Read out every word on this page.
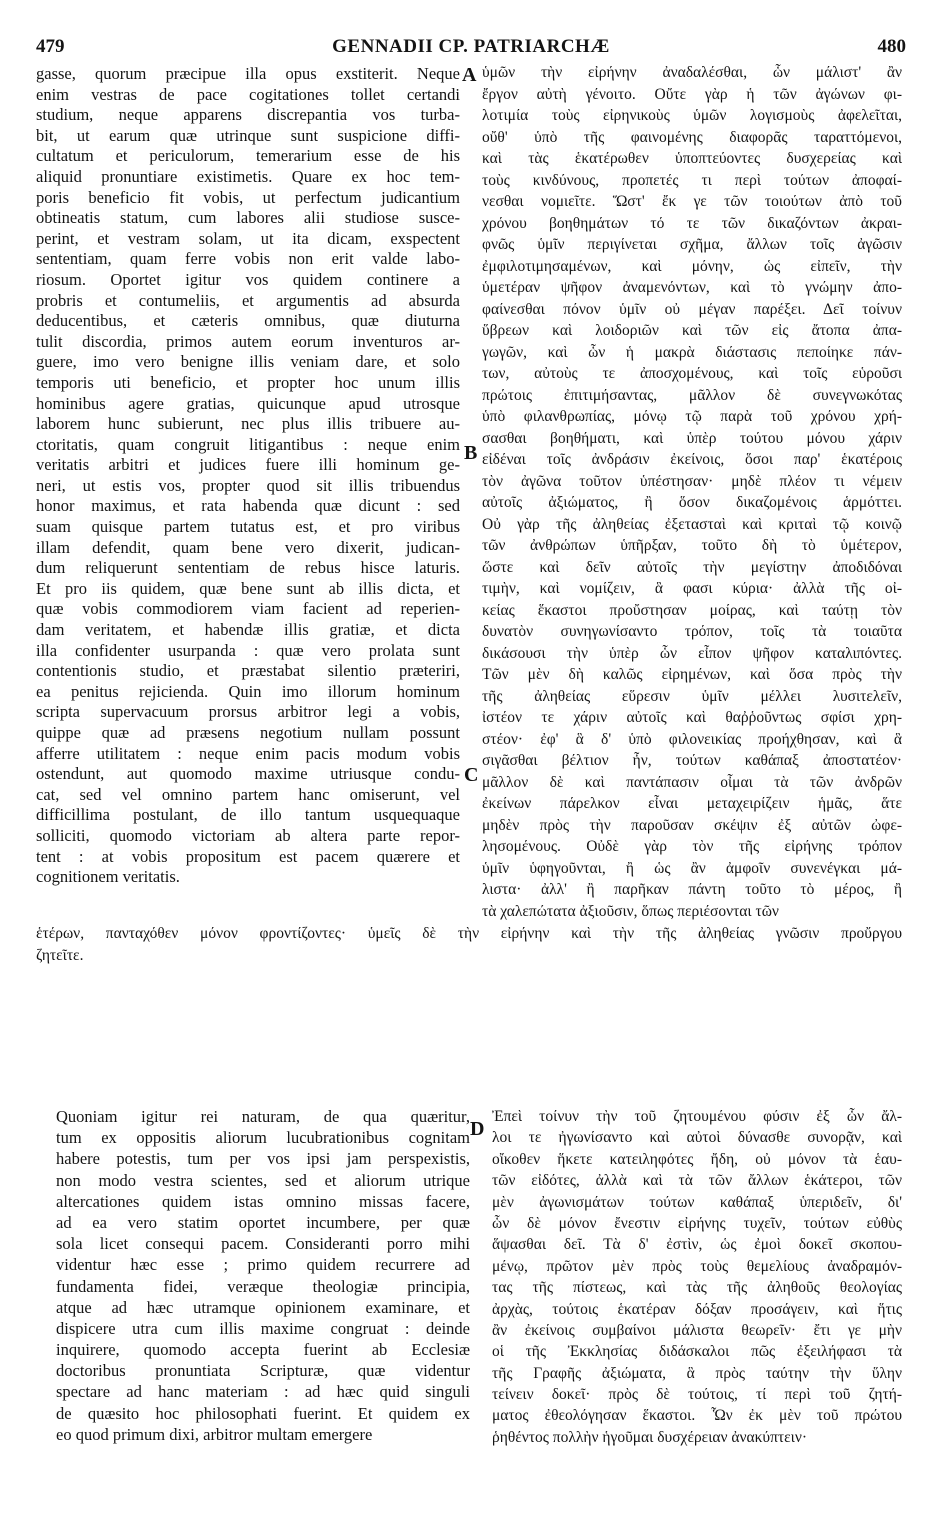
479	GENNADII CP. PATRIARCHÆ	480
A
B
C
D
gasse, quorum præcipue illa opus exstiterit. Neque
enim vestras de pace cogitationes tollet certandi
studium, neque apparens discrepantia vos turba-
bit, ut earum quæ utrinque sunt suspicione diffi-
cultatum et periculorum, temerarium esse de his
aliquid pronuntiare existimetis. Quare ex hoc tem-
poris beneficio fit vobis, ut perfectum judicantium
obtineatis statum, cum labores alii studiose susce-
perint, et vestram solam, ut ita dicam, exspectent
sententiam, quam ferre vobis non erit valde labo-
riosum. Oportet igitur vos quidem continere a
probris et contumeliis, et argumentis ad absurda
deducentibus, et cæteris omnibus, quæ diuturna
tulit discordia, primos autem eorum inventuros ar-
guere, imo vero benigne illis veniam dare, et solo
temporis uti beneficio, et propter hoc unum illis
hominibus agere gratias, quicunque apud utrosque
laborem hunc subierunt, nec plus illis tribuere au-
ctoritatis, quam congruit litigantibus : neque enim
veritatis arbitri et judices fuere illi hominum ge-
neri, ut estis vos, propter quod sit illis tribuendus
honor maximus, et rata habenda quæ dicunt : sed
suam quisque partem tutatus est, et pro viribus
illam defendit, quam bene vero dixerit, judican-
dum reliquerunt sententiam de rebus hisce laturis.
Et pro iis quidem, quæ bene sunt ab illis dicta, et
quæ vobis commodiorem viam facient ad reperien-
dam veritatem, et habendæ illis gratiæ, et dicta
illa confidenter usurpanda : quæ vero prolata sunt
contentionis studio, et præstabat silentio præteriri,
ea penitus rejicienda. Quin imo illorum hominum
scripta supervacuum prorsus arbitror legi a vobis,
quippe quæ ad præsens negotium nullam possunt
afferre utilitatem : neque enim pacis modum vobis
ostendunt, aut quomodo maxime utriusque condu-
cat, sed vel omnino partem hanc omiserunt, vel
difficillima postulant, de illo tantum usquequaque
solliciti, quomodo victoriam ab altera parte repor-
tent : at vobis propositum est pacem quærere et
cognitionem veritatis.
ὑμῶν τὴν εἰρήνην ἀναδαλέσθαι, ὧν μάλιστ' ἂν
ἔργον αὐτὴ γένοιτο. Οὔτε γὰρ ἡ τῶν ἀγώνων φι-
λοτιμία τοὺς εἰρηνικοὺς ὑμῶν λογισμοὺς ἀφελεῖται,
οὔθ' ὑπὸ τῆς φαινομένης διαφορᾶς ταραττόμενοι,
καὶ τὰς ἑκατέρωθεν ὑποπτεύοντες δυσχερείας καὶ
τοὺς κινδύνους, προπετές τι περὶ τούτων ἀποφαί-
νεσθαι νομιεῖτε. Ὥστ' ἔκ γε τῶν τοιούτων ἀπὸ τοῦ
χρόνου βοηθημάτων τό τε τῶν δικαζόντων ἀκραι-
φνῶς ὑμῖν περιγίνεται σχῆμα, ἄλλων τοῖς ἀγῶσιν
ἐμφιλοτιμησαμένων, καὶ μόνην, ὡς εἰπεῖν, τὴν
ὑμετέραν ψῆφον ἀναμενόντων, καὶ τὸ γνώμην ἀπο-
φαίνεσθαι πόνον ὑμῖν οὐ μέγαν παρέξει. Δεῖ τοίνυν
ὕβρεων καὶ λοιδοριῶν καὶ τῶν εἰς ἄτοπα ἀπα-
γωγῶν, καὶ ὧν ἡ μακρὰ διάστασις πεποίηκε πάν-
των, αὐτοὺς τε ἀποσχομένους, καὶ τοῖς εὑροῦσι
πρώτοις ἐπιτιμήσαντας, μᾶλλον δὲ συνεγνωκότας
ὑπὸ φιλανθρωπίας, μόνῳ τῷ παρὰ τοῦ χρόνου χρή-
σασθαι βοηθήματι, καὶ ὑπὲρ τούτου μόνου χάριν
εἰδέναι τοῖς ἀνδράσιν ἐκείνοις, ὅσοι παρ' ἑκατέροις
τὸν ἀγῶνα τοῦτον ὑπέστησαν· μηδὲ πλέον τι νέμειν
αὐτοῖς ἀξιώματος, ἢ ὅσον δικαζομένοις ἁρμόττει.
Οὐ γὰρ τῆς ἀληθείας ἐξετασταὶ καὶ κριταὶ τῷ κοινῷ
τῶν ἀνθρώπων ὑπῆρξαν, τοῦτο δὴ τὸ ὑμέτερον,
ὥστε καὶ δεῖν αὐτοῖς τὴν μεγίστην ἀποδιδόναι
τιμὴν, καὶ νομίζειν, ἃ φασι κύρια· ἀλλὰ τῆς οἰ-
κείας ἕκαστοι προὔστησαν μοίρας, καὶ ταύτῃ τὸν
δυνατὸν συνηγωνίσαντο τρόπον, τοῖς τὰ τοιαῦτα
δικάσουσι τὴν ὑπὲρ ὧν εἶπον ψῆφον καταλιπόντες.
Τῶν μὲν δὴ καλῶς εἰρημένων, καὶ ὅσα πρὸς τὴν
τῆς ἀληθείας εὕρεσιν ὑμῖν μέλλει λυσιτελεῖν,
ἰστέον τε χάριν αὐτοῖς καὶ θαῤῥοῦντως σφίσι χρη-
στέον· ἐφ' ἃ δ' ὑπὸ φιλονεικίας προήχθησαν, καὶ ἃ
σιγᾶσθαι βέλτιον ἦν, τούτων καθάπαξ ἀποστατέον·
μᾶλλον δὲ καὶ παντάπασιν οἶμαι τὰ τῶν ἀνδρῶν
ἐκείνων πάρελκον εἶναι μεταχειρίζειν ἡμᾶς, ἅτε
μηδὲν πρὸς τὴν παροῦσαν σκέψιν ἐξ αὐτῶν ὠφε-
λησομένους. Οὐδὲ γὰρ τὸν τῆς εἰρήνης τρόπον
ὑμῖν ὑφηγοῦνται, ἢ ὡς ἂν ἀμφοῖν συνενέγκαι μά-
λιστα· ἀλλ' ἢ παρῆκαν πάντη τοῦτο τὸ μέρος, ἢ
τὰ χαλεπώτατα ἀξιοῦσιν, ὅπως περιέσονται τῶν
ἑτέρων, πανταχόθεν μόνον φροντίζοντες· ὑμεῖς δὲ τὴν εἰρήνην καὶ τὴν τῆς ἀληθείας γνῶσιν προὔργου
ζητεῖτε.
Quoniam igitur rei naturam, de qua quæritur,
tum ex oppositis aliorum lucubrationibus cognitam
habere potestis, tum per vos ipsi jam perspexistis,
non modo vestra scientes, sed et aliorum utrique
altercationes quidem istas omnino missas facere,
ad ea vero statim oportet incumbere, per quæ
sola licet consequi pacem. Consideranti porro mihi
videntur hæc esse ; primo quidem recurrere ad
fundamenta fidei, veræque theologiæ principia,
atque ad hæc utramque opinionem examinare, et
dispicere utra cum illis maxime congruat : deinde
inquirere, quomodo accepta fuerint ab Ecclesiæ
doctoribus pronuntiata Scripturæ, quæ videntur
spectare ad hanc materiam : ad hæc quid singuli
de quæsito hoc philosophati fuerint. Et quidem ex
eo quod primum dixi, arbitror multam emergere
Ἐπεὶ τοίνυν τὴν τοῦ ζητουμένου φύσιν ἐξ ὧν ἄλ-
λοι τε ἠγωνίσαντο καὶ αὐτοὶ δύνασθε συνορᾷν, καὶ
οἴκοθεν ἥκετε κατειληφότες ἤδη, οὐ μόνον τὰ ἑαυ-
τῶν εἰδότες, ἀλλὰ καὶ τὰ τῶν ἄλλων ἑκάτεροι, τῶν
μὲν ἀγωνισμάτων τούτων καθάπαξ ὑπεριδεῖν, δι'
ὧν δὲ μόνον ἔνεστιν εἰρήνης τυχεῖν, τούτων εὐθὺς
ἅψασθαι δεῖ. Τὰ δ' ἐστὶν, ὡς ἐμοὶ δοκεῖ σκοπου-
μένῳ, πρῶτον μὲν πρὸς τοὺς θεμελίους ἀναδραμόν-
τας τῆς πίστεως, καὶ τὰς τῆς ἀληθοῦς θεολογίας
ἀρχὰς, τούτοις ἑκατέραν δόξαν προσάγειν, καὶ ἥτις
ἂν ἐκείνοις συμβαίνοι μάλιστα θεωρεῖν· ἔτι γε μὴν
οἱ τῆς Ἐκκλησίας διδάσκαλοι πῶς ἐξειλήφασι τὰ
τῆς Γραφῆς ἀξιώματα, ἃ πρὸς ταύτην τὴν ὕλην
τείνειν δοκεῖ· πρὸς δὲ τούτοις, τί περὶ τοῦ ζητή-
ματος ἐθεολόγησαν ἕκαστοι. Ὧν ἐκ μὲν τοῦ πρώτου
ῥηθέντος πολλὴν ἡγοῦμαι δυσχέρειαν ἀνακύπτειν·
